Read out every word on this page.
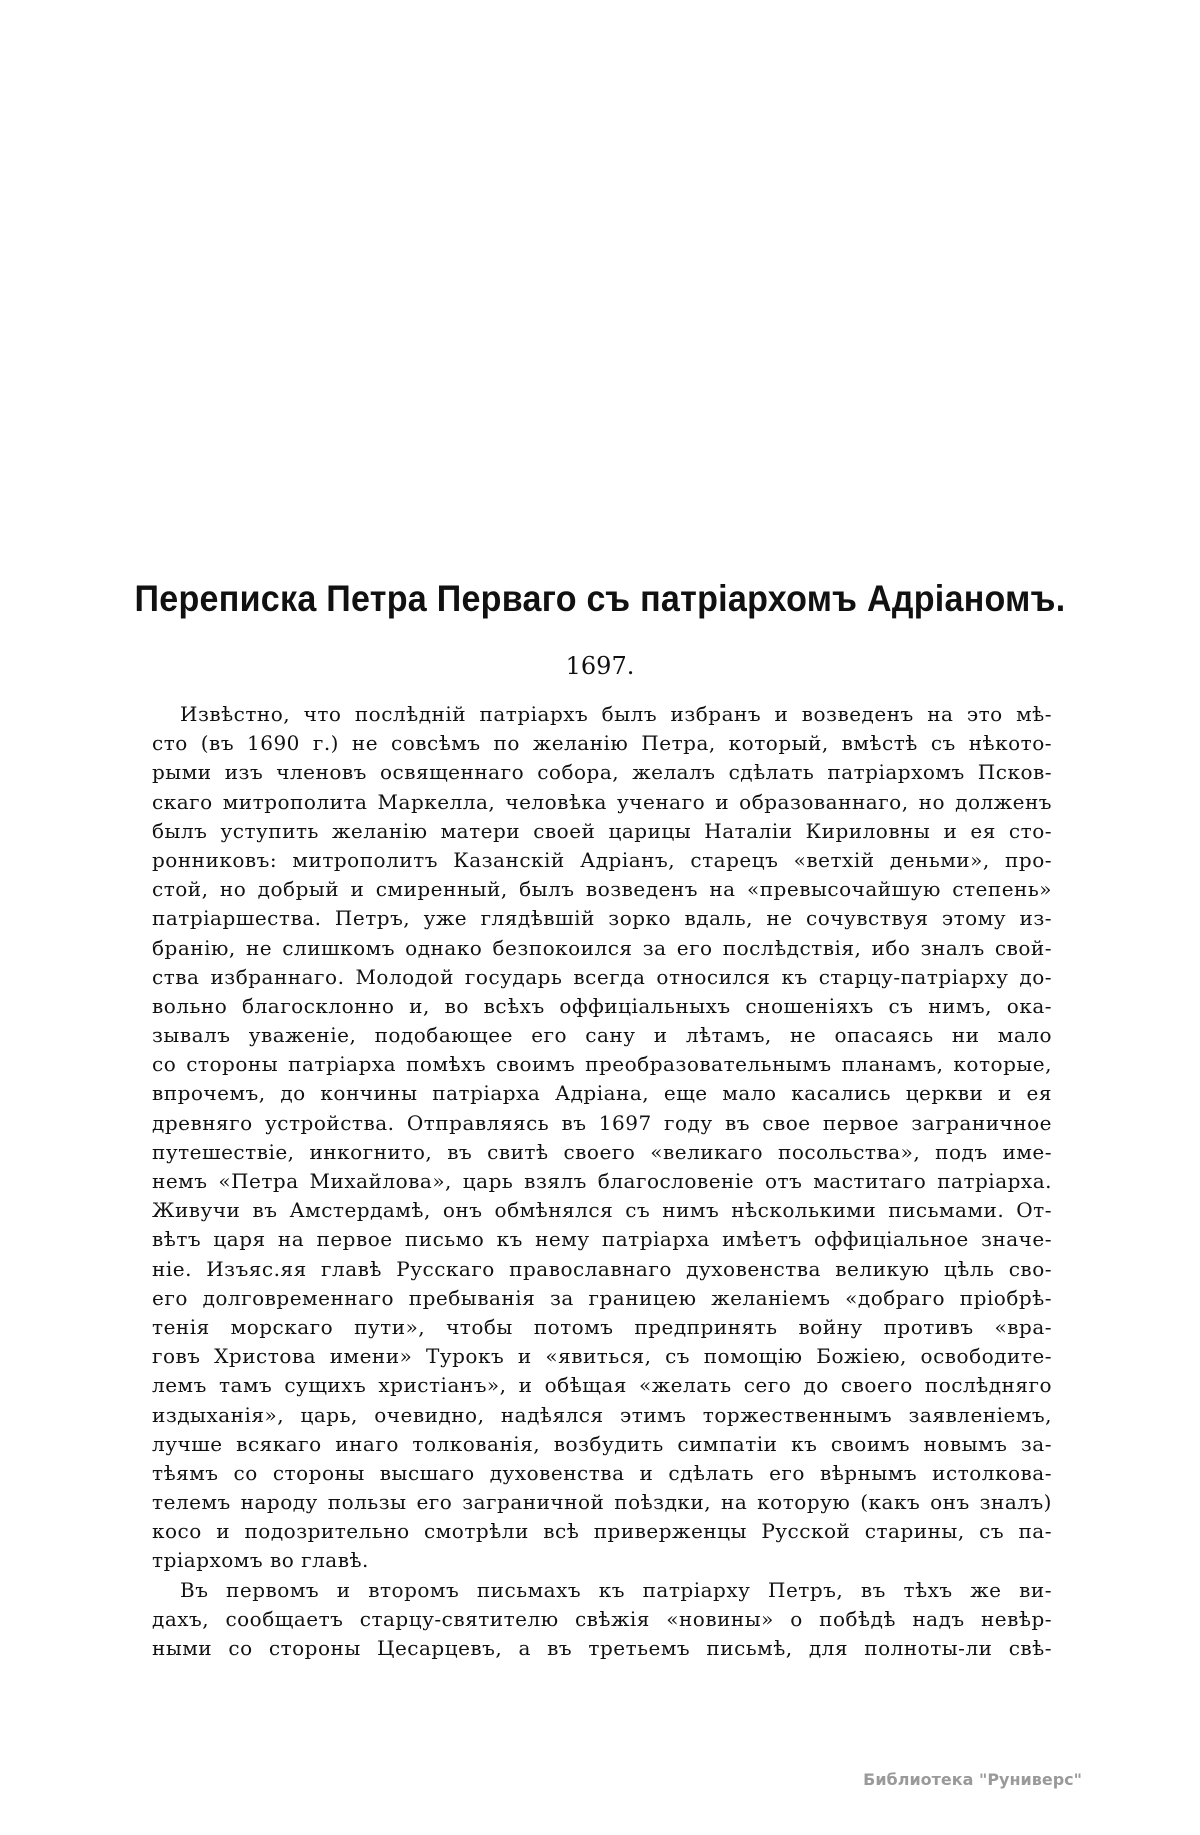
Переписка Петра Перваго съ патріархомъ Адріаномъ.
1697.
Извѣстно, что послѣдній патріархъ былъ избранъ и возведенъ на это мѣ-
сто (въ 1690 г.) не совсѣмъ по желанію Петра, который, вмѣстѣ съ нѣкото-
рыми изъ членовъ освященнаго собора, желалъ сдѣлать патріархомъ Псков-
скаго митрополита Маркелла, человѣка ученаго и образованнаго, но долженъ
былъ уступить желанію матери своей царицы Наталіи Кириловны и ея сто-
ронниковъ: митрополитъ Казанскій Адріанъ, старецъ «ветхій деньми», про-
стой, но добрый и смиренный, былъ возведенъ на «превысочайшую степень»
патріаршества. Петръ, уже глядѣвшій зорко вдаль, не сочувствуя этому из-
бранію, не слишкомъ однако безпокоился за его послѣдствія, ибо зналъ свой-
ства избраннаго. Молодой государь всегда относился къ старцу-патріарху до-
вольно благосклонно и, во всѣхъ оффиціальныхъ сношеніяхъ съ нимъ, ока-
зывалъ уваженіе, подобающее его сану и лѣтамъ, не опасаясь ни мало
со стороны патріарха помѣхъ своимъ преобразовательнымъ планамъ, которые,
впрочемъ, до кончины патріарха Адріана, еще мало касались церкви и ея
древняго устройства. Отправляясь въ 1697 году въ свое первое заграничное
путешествіе, инкогнито, въ свитѣ своего «великаго посольства», подъ име-
немъ «Петра Михайлова», царь взялъ благословеніе отъ маститаго патріарха.
Живучи въ Амстердамѣ, онъ обмѣнялся съ нимъ нѣсколькими письмами. От-
вѣтъ царя на первое письмо къ нему патріарха имѣетъ оффиціальное значе-
ніе. Изъяс.яя главѣ Русскаго православнаго духовенства великую цѣль сво-
его долговременнаго пребыванія за границею желаніемъ «добраго пріобрѣ-
тенія морскаго пути», чтобы потомъ предпринять войну противъ «вра-
говъ Христова имени» Турокъ и «явиться, съ помощію Божіею, освободите-
лемъ тамъ сущихъ христіанъ», и обѣщая «желать сего до своего послѣдняго
издыханія», царь, очевидно, надѣялся этимъ торжественнымъ заявленіемъ,
лучше всякаго инаго толкованія, возбудить симпатіи къ своимъ новымъ за-
тѣямъ со стороны высшаго духовенства и сдѣлать его вѣрнымъ истолкова-
телемъ народу пользы его заграничной поѣздки, на которую (какъ онъ зналъ)
косо и подозрительно смотрѣли всѣ приверженцы Русской старины, съ па-
тріархомъ во главѣ.
Въ первомъ и второмъ письмахъ къ патріарху Петръ, въ тѣхъ же ви-
дахъ, сообщаетъ старцу-святителю свѣжія «новины» о побѣдѣ надъ невѣр-
ными со стороны Цесарцевъ, а въ третьемъ письмѣ, для полноты-ли свѣ-
Библиотека "Руниверс"
